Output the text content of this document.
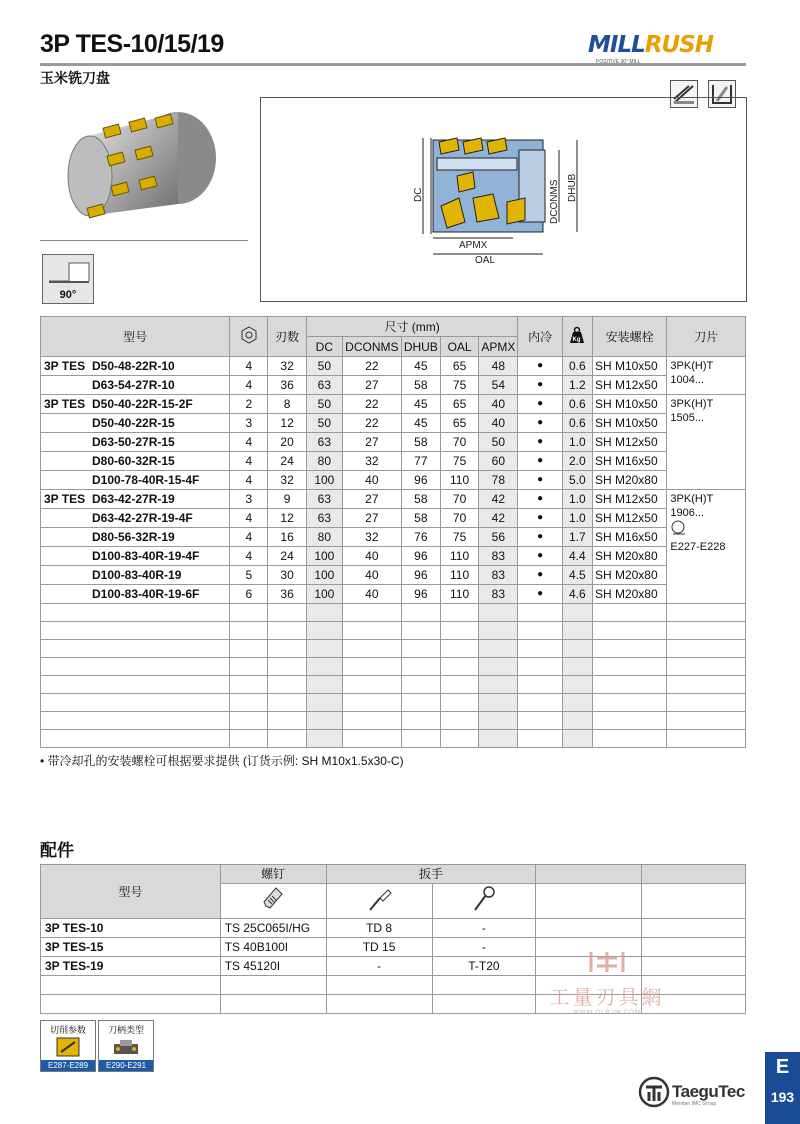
3P TES-10/15/19
玉米铣刀盘
MILLRUSH
POSITIVE 90° MILL
90°
DC	DCONMS DHUB
APMX
OAL
型号		刃数	尺寸 (mm)					内冷	Kg	安装螺栓	刀片
			DC	DCONMS	DHUB	OAL	APMX				
3P TES D50-48-22R-10	4	32	50	22	45	65	48	●	0.6	SH M10x50	3PK(H)T 1004...

D63-54-27R-10	4	36	63	27	58	75	54	●	1.2	SH M12x50	
3P TES D50-40-22R-15-2F	2	8	50	22	45	65	40	●	0.6	SH M10x50	3PK(H)T 1505...

D50-40-22R-15	3	12	50	22	45	65	40	●	0.6	SH M10x50	
D63-50-27R-15	4	20	63	27	58	70	50	●	1.0	SH M12x50	
D80-60-32R-15	4	24	80	32	77	75	60	●	2.0	SH M16x50	
D100-78-40R-15-4F	4	32	100	40	96	110	78	●	5.0	SH M20x80	
3P TES D63-42-27R-19	3	9	63	27	58	70	42	●	1.0	SH M12x50	3PK(H)T 1906...
E227-E228

D63-42-27R-19-4F	4	12	63	27	58	70	42	●	1.0	SH M12x50	
D80-56-32R-19	4	16	80	32	76	75	56	●	1.7	SH M16x50	
D100-83-40R-19-4F	4	24	100	40	96	110	83	●	4.4	SH M20x80	
D100-83-40R-19	5	30	100	40	96	110	83	●	4.5	SH M20x80	
D100-83-40R-19-6F	6	36	100	40	96	110	83	●	4.6	SH M20x80	

• 带冷却孔的安装螺栓可根据要求提供 (订货示例: SH M10x1.5x30-C)
配件
型号	螺钉	扳手			

3P TES-10	TS 25C065I/HG	TD 8	-		
3P TES-15	TS 40B100I	TD 15	-		
3P TES-19	TS 45120I	-	T-T20		

工量刃具網
WWW.GLRJW.COM
切削参数
E287-E289
刀柄类型
E290-E291
TaeguTec
Member IMC Group
E
193
